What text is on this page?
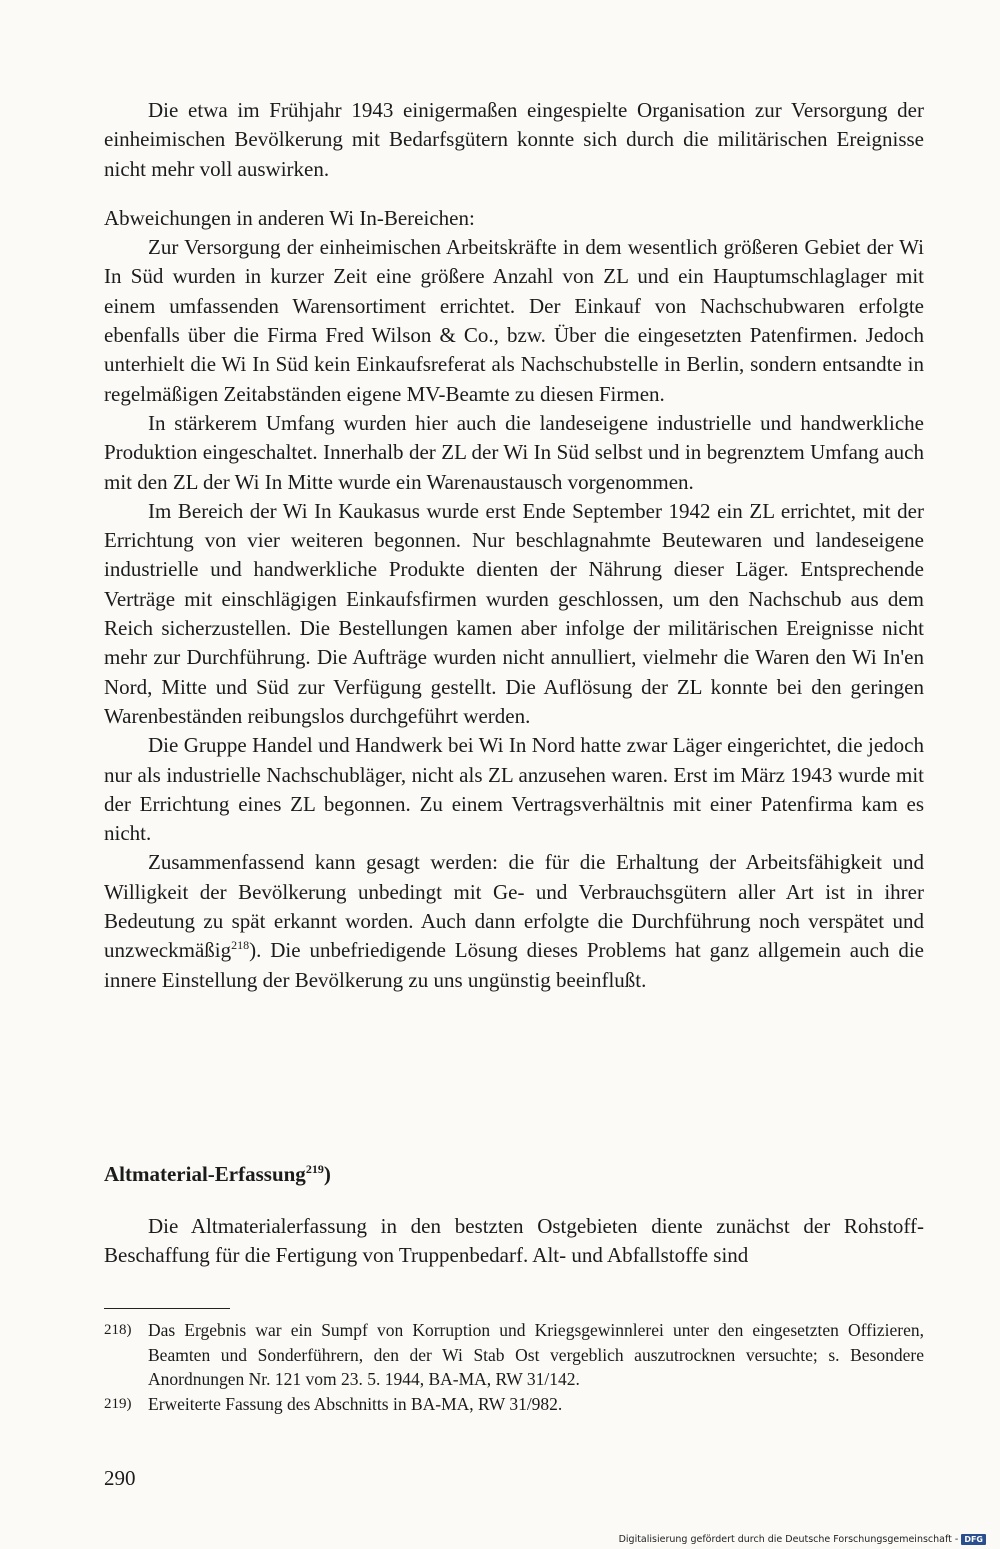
Die etwa im Frühjahr 1943 einigermaßen eingespielte Organisation zur Versorgung der einheimischen Bevölkerung mit Bedarfsgütern konnte sich durch die militärischen Ereignisse nicht mehr voll auswirken.

Abweichungen in anderen Wi In-Bereichen:

Zur Versorgung der einheimischen Arbeitskräfte in dem wesentlich größeren Gebiet der Wi In Süd wurden in kurzer Zeit eine größere Anzahl von ZL und ein Hauptumschlaglager mit einem umfassenden Warensortiment errichtet. Der Einkauf von Nachschubwaren erfolgte ebenfalls über die Firma Fred Wilson & Co., bzw. Über die eingesetzten Patenfirmen. Jedoch unterhielt die Wi In Süd kein Einkaufsreferat als Nachschubstelle in Berlin, sondern entsandte in regelmäßigen Zeitabständen eigene MV-Beamte zu diesen Firmen.

In stärkerem Umfang wurden hier auch die landeseigene industrielle und handwerkliche Produktion eingeschaltet. Innerhalb der ZL der Wi In Süd selbst und in begrenztem Umfang auch mit den ZL der Wi In Mitte wurde ein Warenaustausch vorgenommen.

Im Bereich der Wi In Kaukasus wurde erst Ende September 1942 ein ZL errichtet, mit der Errichtung von vier weiteren begonnen. Nur beschlagnahmte Beutewaren und landeseigene industrielle und handwerkliche Produkte dienten der Nährung dieser Läger. Entsprechende Verträge mit einschlägigen Einkaufsfirmen wurden geschlossen, um den Nachschub aus dem Reich sicherzustellen. Die Bestellungen kamen aber infolge der militärischen Ereignisse nicht mehr zur Durchführung. Die Aufträge wurden nicht annulliert, vielmehr die Waren den Wi In'en Nord, Mitte und Süd zur Verfügung gestellt. Die Auflösung der ZL konnte bei den geringen Warenbeständen reibungslos durchgeführt werden.

Die Gruppe Handel und Handwerk bei Wi In Nord hatte zwar Läger eingerichtet, die jedoch nur als industrielle Nachschubläger, nicht als ZL anzusehen waren. Erst im März 1943 wurde mit der Errichtung eines ZL begonnen. Zu einem Vertragsverhältnis mit einer Patenfirma kam es nicht.

Zusammenfassend kann gesagt werden: die für die Erhaltung der Arbeitsfähigkeit und Willigkeit der Bevölkerung unbedingt mit Ge- und Verbrauchsgütern aller Art ist in ihrer Bedeutung zu spät erkannt worden. Auch dann erfolgte die Durchführung noch verspätet und unzweckmäßig$^{218}$). Die unbefriedigende Lösung dieses Problems hat ganz allgemein auch die innere Einstellung der Bevölkerung zu uns ungünstig beeinflußt.

Altmaterial-Erfassung$^{219}$)
Die Altmaterialerfassung in den bestzten Ostgebieten diente zunächst der Rohstoff-Beschaffung für die Fertigung von Truppenbedarf. Alt- und Abfallstoffe sind
218) Das Ergebnis war ein Sumpf von Korruption und Kriegsgewinnlerei unter den eingesetzten Offizieren, Beamten und Sonderführern, den der Wi Stab Ost vergeblich auszutrocknen versuchte; s. Besondere Anordnungen Nr. 121 vom 23. 5. 1944, BA-MA, RW 31/142.
219) Erweiterte Fassung des Abschnitts in BA-MA, RW 31/982.
290
Digitalisierung gefördert durch die Deutsche Forschungsgemeinschaft - DFG
